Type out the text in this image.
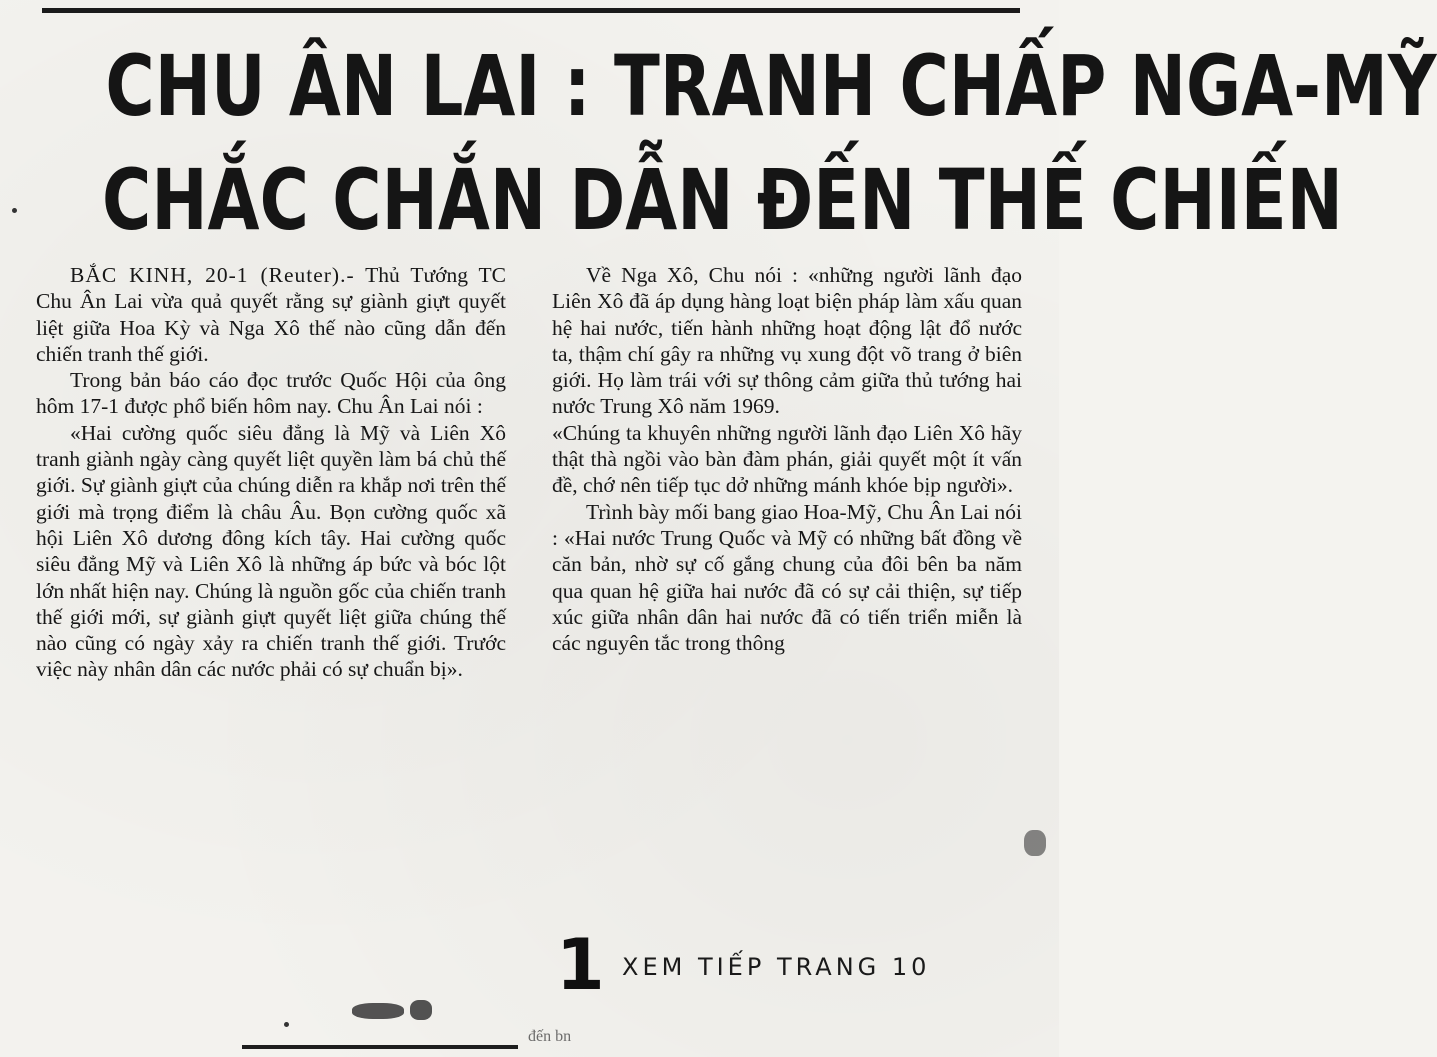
CHU ÂN LAI : TRANH CHẤP NGA-MỸ
CHẮC CHẮN DẪN ĐẾN THẾ CHIẾN

BẮC KINH, 20-1 (Reuter).- Thủ Tướng TC Chu Ân Lai vừa quả quyết rằng sự giành giựt quyết liệt giữa Hoa Kỳ và Nga Xô thế nào cũng dẫn đến chiến tranh thế giới.

Trong bản báo cáo đọc trước Quốc Hội của ông hôm 17-1 được phổ biến hôm nay. Chu Ân Lai nói :

«Hai cường quốc siêu đẳng là Mỹ và Liên Xô tranh giành ngày càng quyết liệt quyền làm bá chủ thế giới. Sự giành giựt của chúng diễn ra khắp nơi trên thế giới mà trọng điểm là châu Âu. Bọn cường quốc xã hội Liên Xô dương đông kích tây. Hai cường quốc siêu đẳng Mỹ và Liên Xô là những áp bức và bóc lột lớn nhất hiện nay. Chúng là nguồn gốc của chiến tranh thế giới mới, sự giành giựt quyết liệt giữa chúng thế nào cũng có ngày xảy ra chiến tranh thế giới. Trước việc này nhân dân các nước phải có sự chuẩn bị».

Về Nga Xô, Chu nói : «những người lãnh đạo Liên Xô đã áp dụng hàng loạt biện pháp làm xấu quan hệ hai nước, tiến hành những hoạt động lật đổ nước ta, thậm chí gây ra những vụ xung đột võ trang ở biên giới. Họ làm trái với sự thông cảm giữa thủ tướng hai nước Trung Xô năm 1969.

«Chúng ta khuyên những người lãnh đạo Liên Xô hãy thật thà ngồi vào bàn đàm phán, giải quyết một ít vấn đề, chớ nên tiếp tục dở những mánh khóe bịp người».

Trình bày mối bang giao Hoa-Mỹ, Chu Ân Lai nói : «Hai nước Trung Quốc và Mỹ có những bất đồng về căn bản, nhờ sự cố gắng chung của đôi bên ba năm qua quan hệ giữa hai nước đã có sự cải thiện, sự tiếp xúc giữa nhân dân hai nước đã có tiến triển miễn là các nguyên tắc trong thông

1 XEM TIẾP TRANG 10
đến bn
